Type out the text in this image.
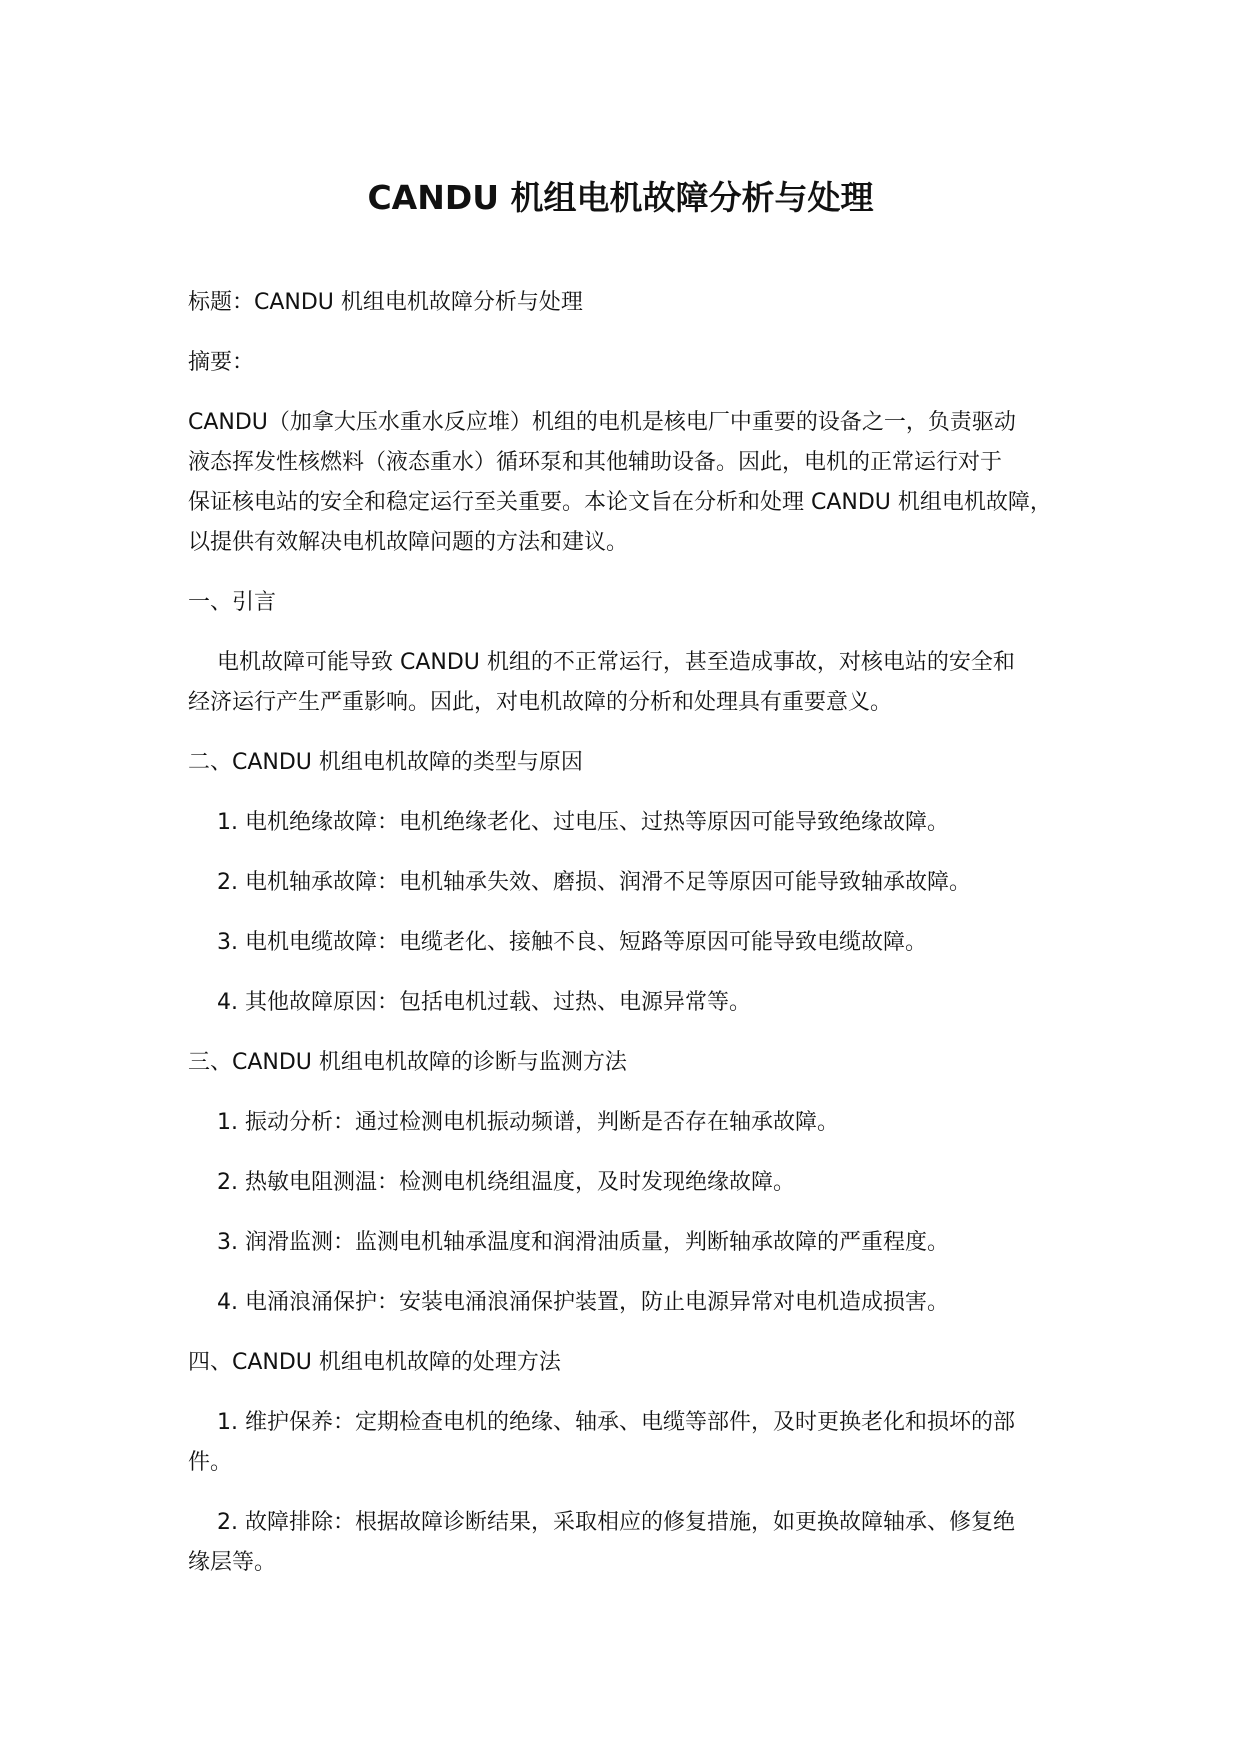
CANDU 机组电机故障分析与处理

标题：CANDU 机组电机故障分析与处理

摘要：

CANDU（加拿大压水重水反应堆）机组的电机是核电厂中重要的设备之一，负责驱动
液态挥发性核燃料（液态重水）循环泵和其他辅助设备。因此，电机的正常运行对于
保证核电站的安全和稳定运行至关重要。本论文旨在分析和处理 CANDU 机组电机故障，
以提供有效解决电机故障问题的方法和建议。

一、引言

电机故障可能导致 CANDU 机组的不正常运行，甚至造成事故，对核电站的安全和
经济运行产生严重影响。因此，对电机故障的分析和处理具有重要意义。

二、CANDU 机组电机故障的类型与原因

1. 电机绝缘故障：电机绝缘老化、过电压、过热等原因可能导致绝缘故障。

2. 电机轴承故障：电机轴承失效、磨损、润滑不足等原因可能导致轴承故障。

3. 电机电缆故障：电缆老化、接触不良、短路等原因可能导致电缆故障。

4. 其他故障原因：包括电机过载、过热、电源异常等。

三、CANDU 机组电机故障的诊断与监测方法

1. 振动分析：通过检测电机振动频谱，判断是否存在轴承故障。

2. 热敏电阻测温：检测电机绕组温度，及时发现绝缘故障。

3. 润滑监测：监测电机轴承温度和润滑油质量，判断轴承故障的严重程度。

4. 电涌浪涌保护：安装电涌浪涌保护装置，防止电源异常对电机造成损害。

四、CANDU 机组电机故障的处理方法

1. 维护保养：定期检查电机的绝缘、轴承、电缆等部件，及时更换老化和损坏的部
件。

2. 故障排除：根据故障诊断结果，采取相应的修复措施，如更换故障轴承、修复绝
缘层等。
